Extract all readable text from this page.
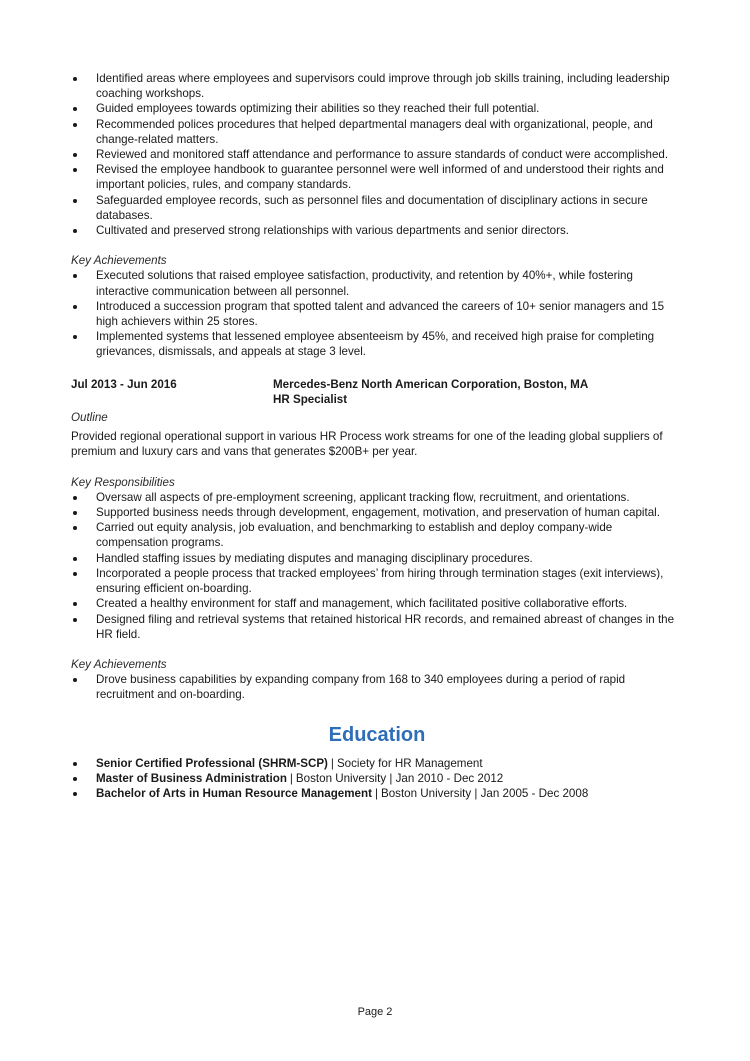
Identified areas where employees and supervisors could improve through job skills training, including leadership coaching workshops.
Guided employees towards optimizing their abilities so they reached their full potential.
Recommended polices procedures that helped departmental managers deal with organizational, people, and change-related matters.
Reviewed and monitored staff attendance and performance to assure standards of conduct were accomplished.
Revised the employee handbook to guarantee personnel were well informed of and understood their rights and important policies, rules, and company standards.
Safeguarded employee records, such as personnel files and documentation of disciplinary actions in secure databases.
Cultivated and preserved strong relationships with various departments and senior directors.
Key Achievements
Executed solutions that raised employee satisfaction, productivity, and retention by 40%+, while fostering interactive communication between all personnel.
Introduced a succession program that spotted talent and advanced the careers of 10+ senior managers and 15 high achievers within 25 stores.
Implemented systems that lessened employee absenteeism by 45%, and received high praise for completing grievances, dismissals, and appeals at stage 3 level.
Jul 2013 - Jun 2016	Mercedes-Benz North American Corporation, Boston, MA
HR Specialist
Outline

Provided regional operational support in various HR Process work streams for one of the leading global suppliers of premium and luxury cars and vans that generates $200B+ per year.

Key Responsibilities
Oversaw all aspects of pre-employment screening, applicant tracking flow, recruitment, and orientations.
Supported business needs through development, engagement, motivation, and preservation of human capital.
Carried out equity analysis, job evaluation, and benchmarking to establish and deploy company-wide compensation programs.
Handled staffing issues by mediating disputes and managing disciplinary procedures.
Incorporated a people process that tracked employees’ from hiring through termination stages (exit interviews), ensuring efficient on-boarding.
Created a healthy environment for staff and management, which facilitated positive collaborative efforts.
Designed filing and retrieval systems that retained historical HR records, and remained abreast of changes in the HR field.
Key Achievements
Drove business capabilities by expanding company from 168 to 340 employees during a period of rapid recruitment and on-boarding.
Education
Senior Certified Professional (SHRM-SCP) | Society for HR Management
Master of Business Administration | Boston University | Jan 2010 - Dec 2012
Bachelor of Arts in Human Resource Management | Boston University | Jan 2005 - Dec 2008
Page 2
